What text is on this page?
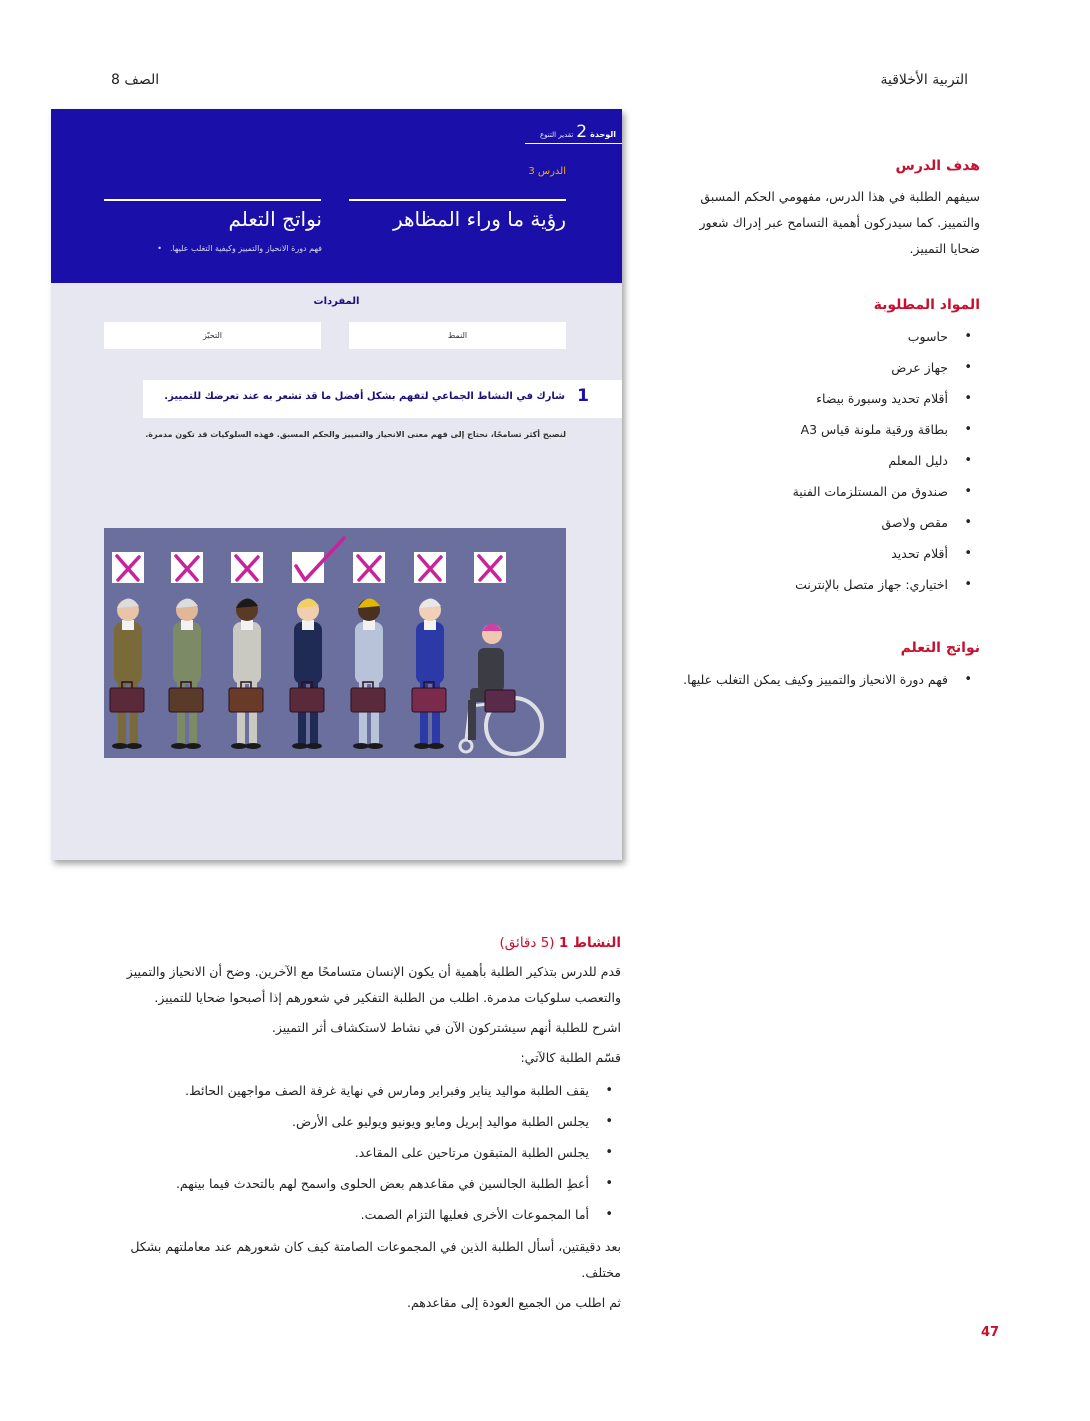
التربية الأخلاقية
الصف 8
هدف الدرس
سيفهم الطلبة في هذا الدرس، مفهومي الحكم المسبق والتمييز. كما سيدركون أهمية التسامح عبر إدراك شعور ضحايا التمييز.
المواد المطلوبة
• حاسوب
• جهاز عرض
• أقلام تحديد وسبورة بيضاء
• بطاقة ورقية ملونة قياس A3
• دليل المعلم
• صندوق من المستلزمات الفنية
• مقص ولاصق
• أقلام تحديد
• اختياري: جهاز متصل بالإنترنت
نواتج التعلم
• فهم دورة الانحياز والتمييز وكيف يمكن التغلب عليها.
الوحدة2تقدير التنوع
الدرس 3
رؤية ما وراء المظاهر
نواتج التعلم
فهم دورة الانحياز والتمييز وكيفية التغلب عليها.•
المفردات
النمط
التحيّز
1
شارك في النشاط الجماعي لتفهم بشكل أفضل ما قد تشعر به عند تعرضك للتمييز.
لنصبح أكثر تسامحًا، نحتاج إلى فهم معنى الانحياز والتمييز والحكم المسبق. فهذه السلوكيات قد تكون مدمرة.
النشاط 1 (5 دقائق)
قدم للدرس بتذكير الطلبة بأهمية أن يكون الإنسان متسامحًا مع الآخرين. وضح أن الانحياز والتمييز والتعصب سلوكيات مدمرة. اطلب من الطلبة التفكير في شعورهم إذا أصبحوا ضحايا للتمييز.
اشرح للطلبة أنهم سيشتركون الآن في نشاط لاستكشاف أثر التمييز.
قسّم الطلبة كالآتي:
• يقف الطلبة مواليد يناير وفبراير ومارس في نهاية غرفة الصف مواجهين الحائط.
• يجلس الطلبة مواليد إبريل ومايو ويونيو ويوليو على الأرض.
• يجلس الطلبة المتبقون مرتاحين على المقاعد.
• أعطِ الطلبة الجالسين في مقاعدهم بعض الحلوى واسمح لهم بالتحدث فيما بينهم.
• أما المجموعات الأخرى فعليها التزام الصمت.
بعد دقيقتين، أسأل الطلبة الذين في المجموعات الصامتة كيف كان شعورهم عند معاملتهم بشكل مختلف.
ثم اطلب من الجميع العودة إلى مقاعدهم.
47
